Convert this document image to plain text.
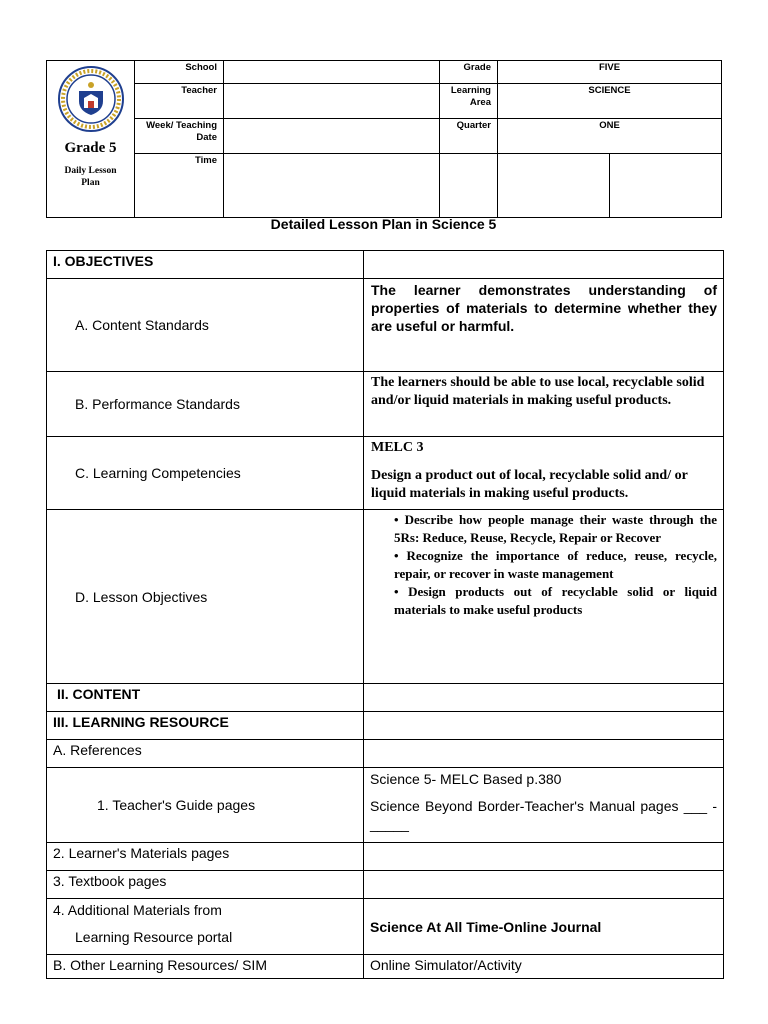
Grade 5
Daily Lesson Plan	School		Grade	FIVE	
	Teacher		Learning Area	SCIENCE	
	Week/ Teaching Date		Quarter	ONE	
	Time				
Detailed Lesson Plan in Science 5
I. OBJECTIVES	
A. Content Standards	The learner demonstrates understanding of properties of materials to determine whether they are useful or harmful.
B. Performance Standards	The learners should be able to use local, recyclable solid and/or liquid materials in making useful products.
C. Learning Competencies	MELC 3
Design a product out of local, recyclable solid and/ or liquid materials in making useful products.

D. Lesson Objectives	• Describe how people manage their waste through the 5Rs: Reduce, Reuse, Recycle, Repair or Recover
• Recognize the importance of reduce, reuse, recycle, repair, or recover in waste management
• Design products out of recyclable solid or liquid materials to make useful products

II. CONTENT	
III. LEARNING RESOURCE	
A. References	
1. Teacher's Guide pages	Science 5- MELC Based p.380
Science Beyond Border-Teacher's Manual pages ___ - _____

2. Learner's Materials pages	
3. Textbook pages	

4. Additional Materials from
Learning Resource portal	Science At All Time-Online Journal
B. Other Learning Resources/ SIM	Online Simulator/Activity
